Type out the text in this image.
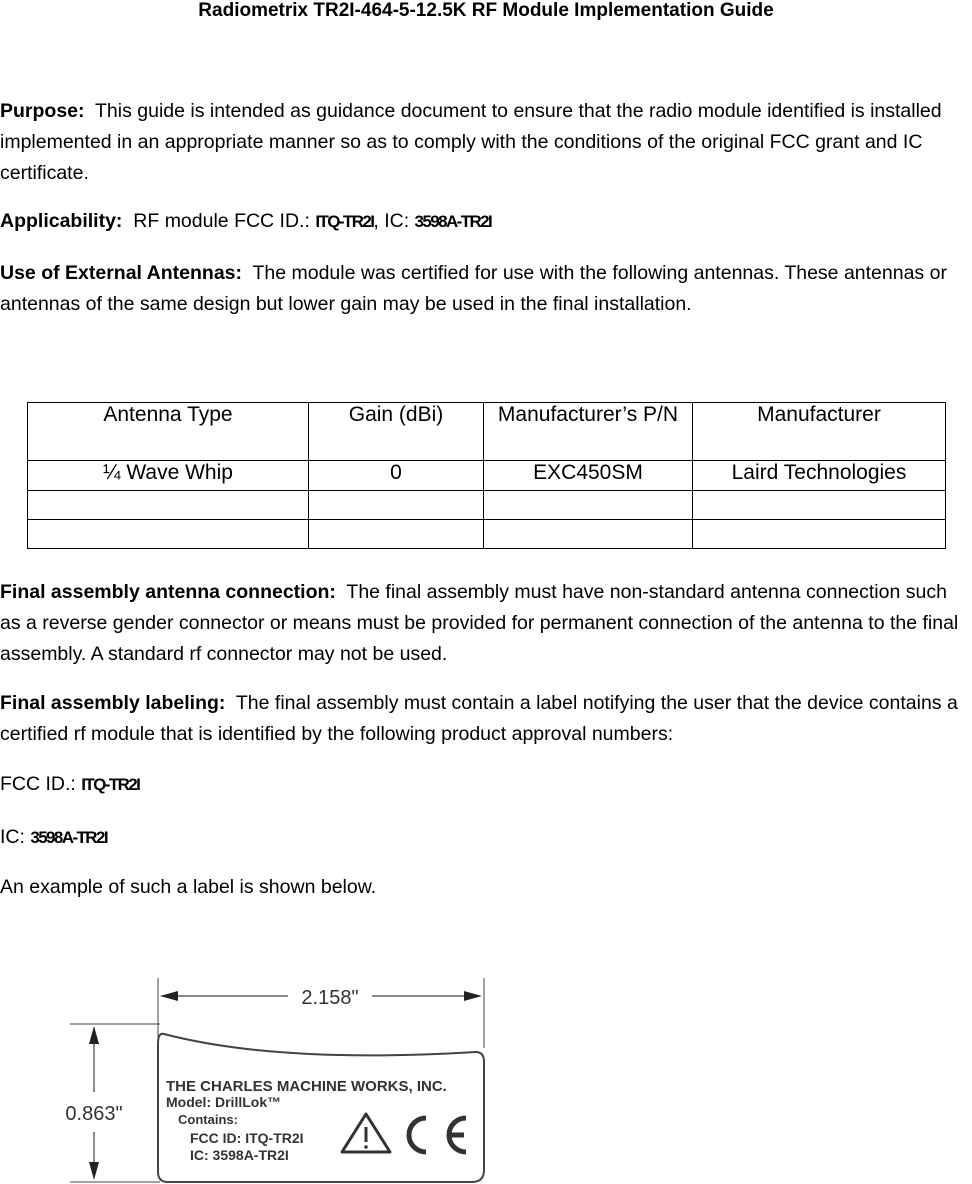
Radiometrix TR2I-464-5-12.5K RF Module Implementation Guide

Purpose: This guide is intended as guidance document to ensure that the radio module identified is installed implemented in an appropriate manner so as to comply with the conditions of the original FCC grant and IC certificate.

Applicability: RF module FCC ID.: ITQ-TR2I, IC: 3598A-TR2I

Use of External Antennas: The module was certified for use with the following antennas. These antennas or antennas of the same design but lower gain may be used in the final installation.

Antenna Type	Gain (dBi)	Manufacturer’s P/N	Manufacturer
¼ Wave Whip	0	EXC450SM	Laird Technologies

Final assembly antenna connection: The final assembly must have non-standard antenna connection such as a reverse gender connector or means must be provided for permanent connection of the antenna to the final assembly. A standard rf connector may not be used.

Final assembly labeling: The final assembly must contain a label notifying the user that the device contains a certified rf module that is identified by the following product approval numbers:

FCC ID.: ITQ-TR2I

IC: 3598A-TR2I

An example of such a label is shown below.

2.158"
0.863"
THE CHARLES MACHINE WORKS, INC.
Model: DrillLok™
Contains:
FCC ID: ITQ-TR2I
IC: 3598A-TR2I
